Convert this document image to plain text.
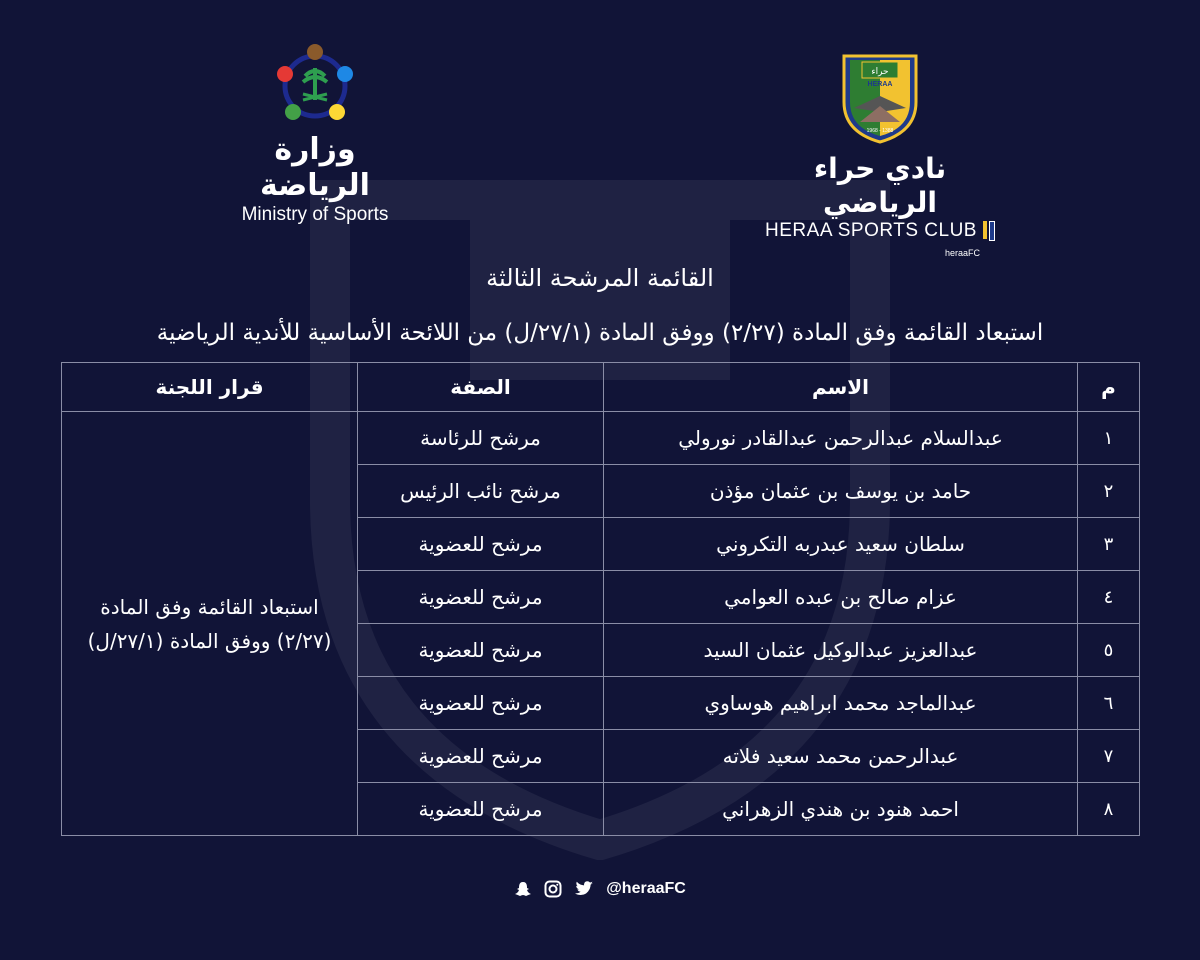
وزارة الرياضة
Ministry of Sports
حراء
HERAA
1968 - 1388
نادي حراء الرياضي
HERAA SPORTS CLUB
heraaFC
القائمة المرشحة الثالثة
استبعاد القائمة وفق المادة (٢/٢٧) ووفق المادة (٢٧/١/ل) من اللائحة الأساسية للأندية الرياضية
م	الاسم	الصفة	قرار اللجنة
١	عبدالسلام عبدالرحمن عبدالقادر نورولي	مرشح للرئاسة	استبعاد القائمة وفق المادة (٢/٢٧) ووفق المادة (٢٧/١/ل)
٢	حامد بن يوسف بن عثمان مؤذن	مرشح نائب الرئيس	
٣	سلطان سعيد عبدربه التكروني	مرشح للعضوية	
٤	عزام صالح بن عبده العوامي	مرشح للعضوية	
٥	عبدالعزيز عبدالوكيل عثمان السيد	مرشح للعضوية	
٦	عبدالماجد محمد ابراهيم هوساوي	مرشح للعضوية	
٧	عبدالرحمن محمد سعيد فلاته	مرشح للعضوية	
٨	احمد هنود بن هندي الزهراني	مرشح للعضوية	
@heraaFC
